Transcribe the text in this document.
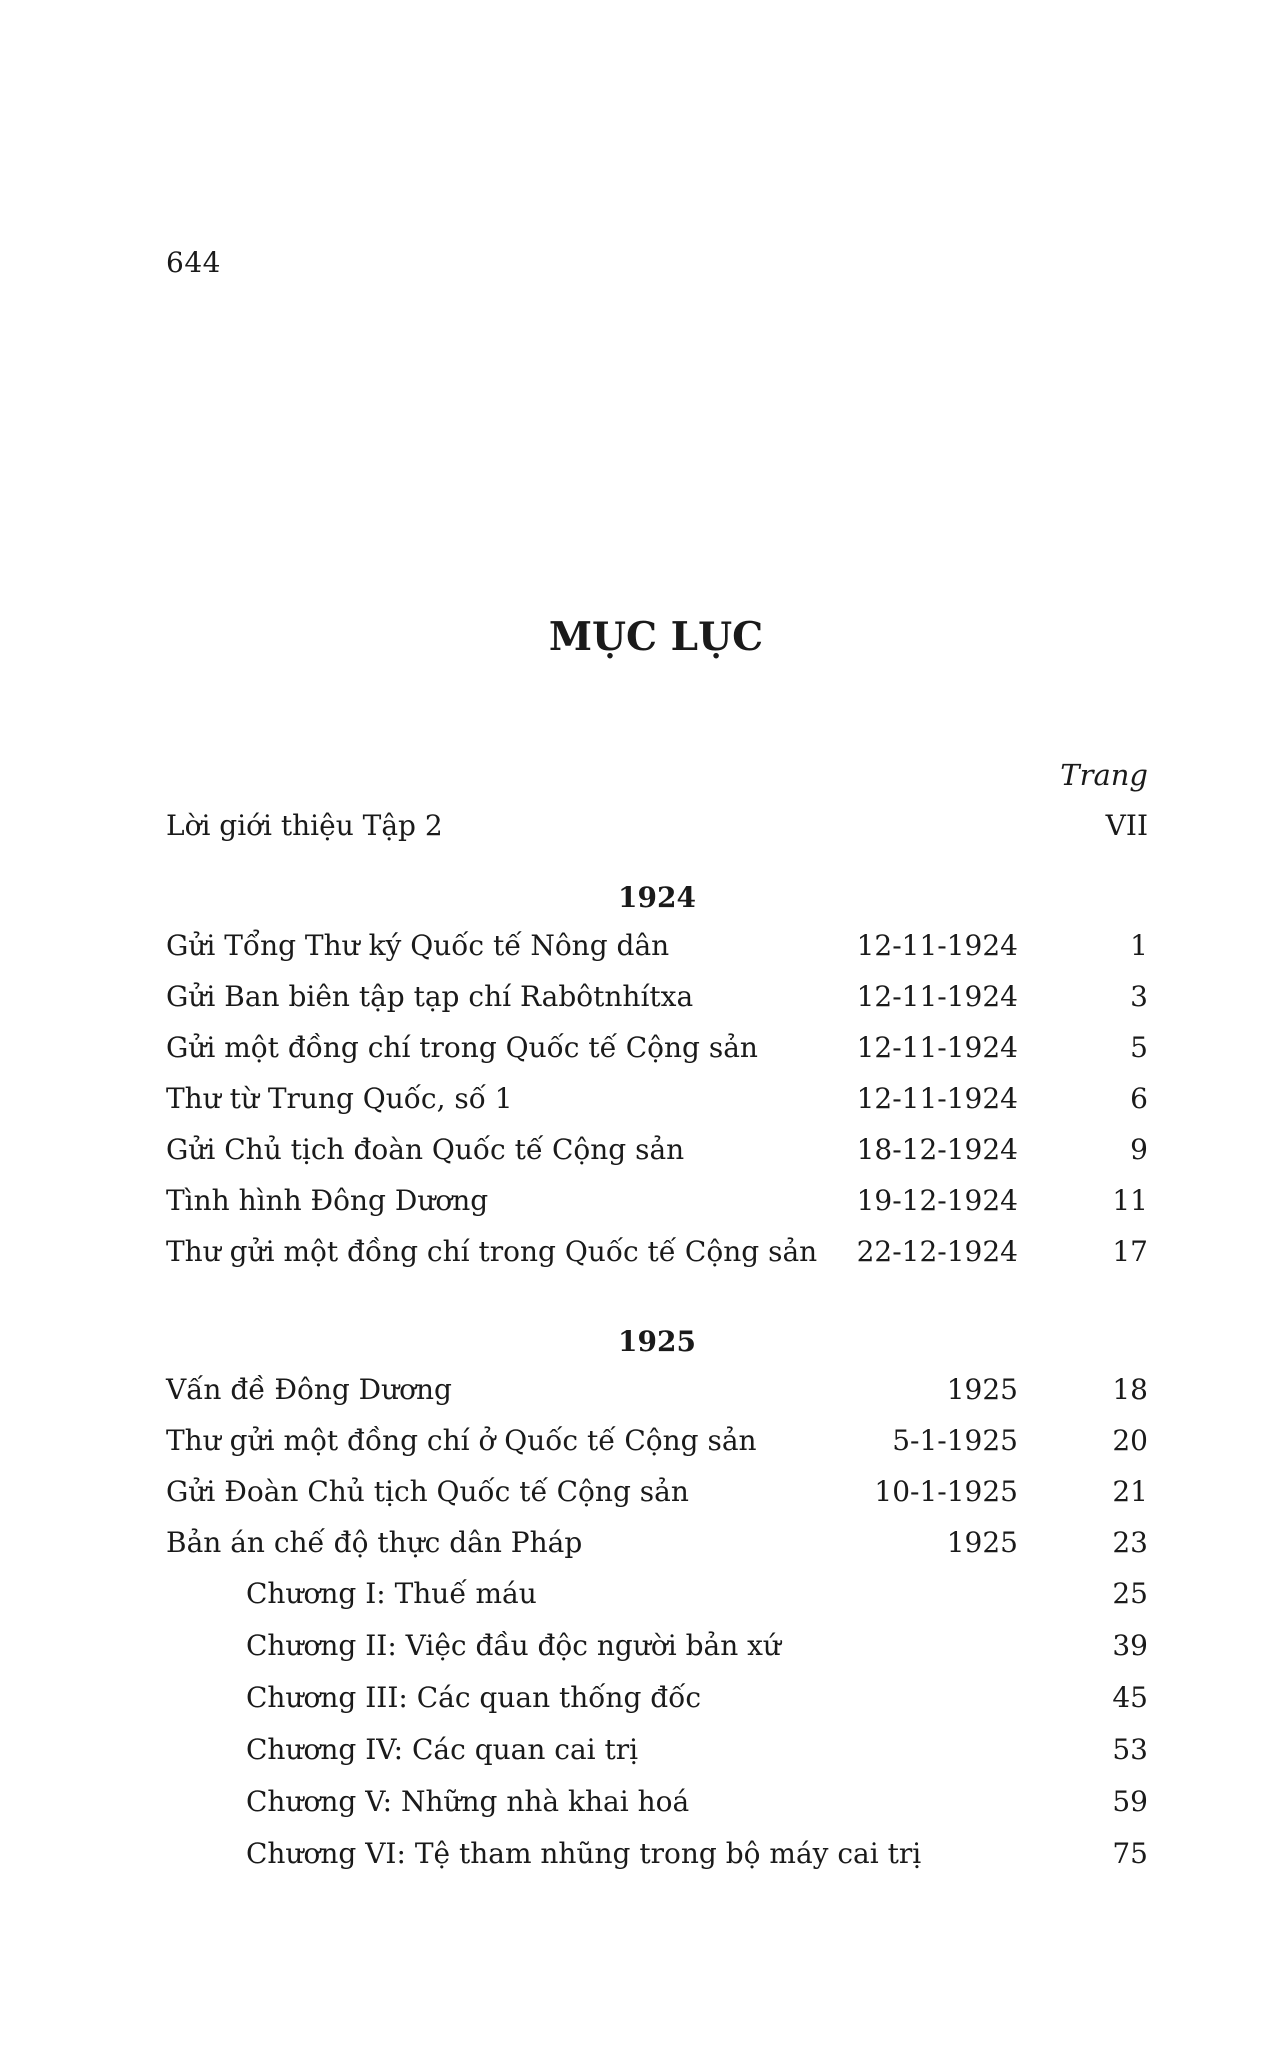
644
MỤC LỤC
Trang
Lời giới thiệu Tập 2	VII
1924
Gửi Tổng Thư ký Quốc tế Nông dân	12-11-1924	1
Gửi Ban biên tập tạp chí Rabôtnhítxa	12-11-1924	3
Gửi một đồng chí trong Quốc tế Cộng sản	12-11-1924	5
Thư từ Trung Quốc, số 1	12-11-1924	6
Gửi Chủ tịch đoàn Quốc tế Cộng sản	18-12-1924	9
Tình hình Đông Dương	19-12-1924	11
Thư gửi một đồng chí trong Quốc tế Cộng sản 22-12-1924	17
1925
Vấn đề Đông Dương	1925	18
Thư gửi một đồng chí ở Quốc tế Cộng sản	5-1-1925	20
Gửi Đoàn Chủ tịch Quốc tế Cộng sản	10-1-1925	21
Bản án chế độ thực dân Pháp	1925	23
Chương I: Thuế máu	25
Chương II: Việc đầu độc người bản xứ	39
Chương III: Các quan thống đốc	45
Chương IV: Các quan cai trị	53
Chương V: Những nhà khai hoá	59
Chương VI: Tệ tham nhũng trong bộ máy cai trị	75
